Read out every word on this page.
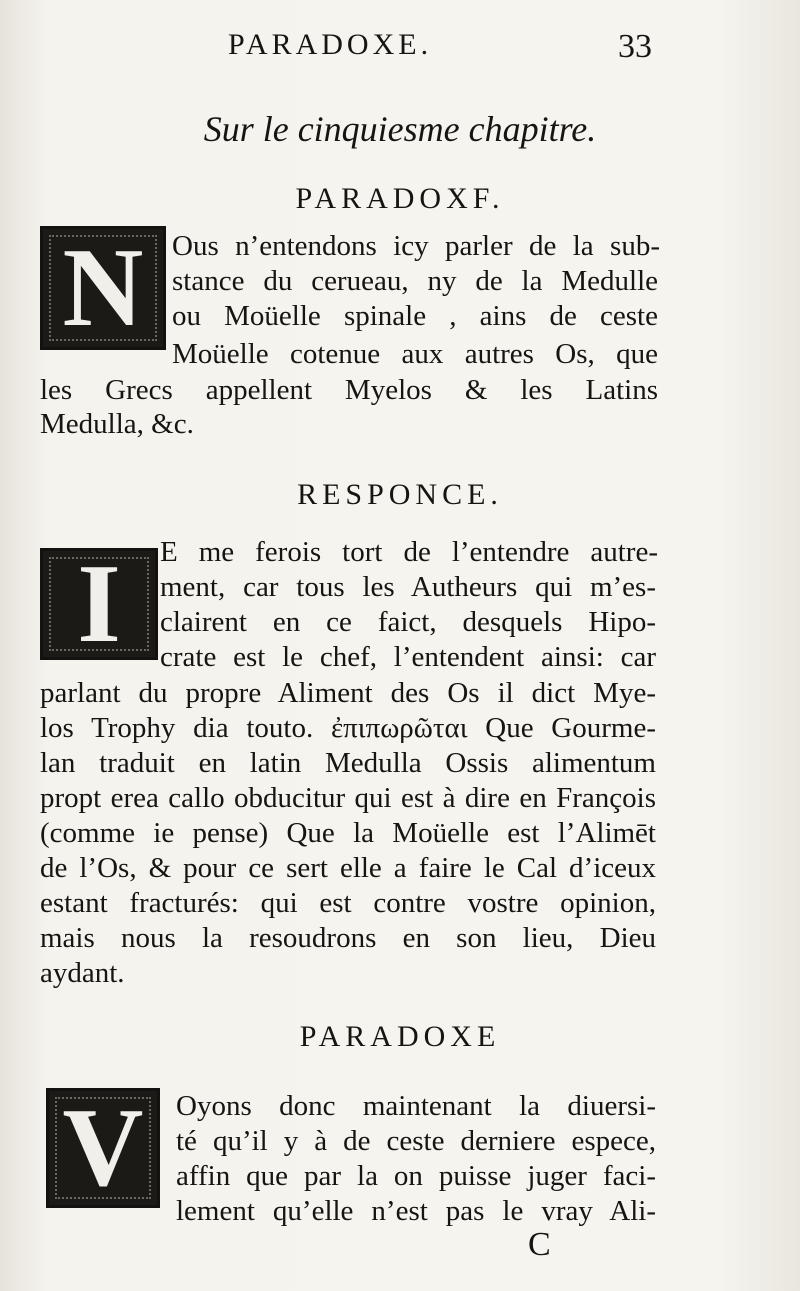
PARADOXE.	33
Sur le cinquiesme chapitre.
PARADOXF.
N Ous n’entendons icy parler de la sub-
stance du cerueau, ny de la Medulle
ou Moüelle spinale , ains de ceste
Moüelle cotenue aux autres Os, que
les Grecs appellent Myelos & les Latins
Medulla, &c.
RESPONCE.
I E me ferois tort de l’entendre autre-
ment, car tous les Autheurs qui m’es-
clairent en ce faict, desquels Hipo-
crate est le chef, l’entendent ainsi: car
parlant du propre Aliment des Os il dict Mye-
los Trophy dia touto. ἐπιπωρῶται Que Gourme-
lan traduit en latin Medulla Ossis alimentum
propt erea callo obducitur qui est à dire en François
(comme ie pense) Que la Moüelle est l’Alimēt
de l’Os, & pour ce sert elle a faire le Cal d’iceux
estant fracturés: qui est contre vostre opinion,
mais nous la resoudrons en son lieu, Dieu
aydant.
PARADOXE
V Oyons donc maintenant la diuersi-
té qu’il y à de ceste derniere espece,
affin que par la on puisse juger faci-
lement qu’elle n’est pas le vray Ali-
C
